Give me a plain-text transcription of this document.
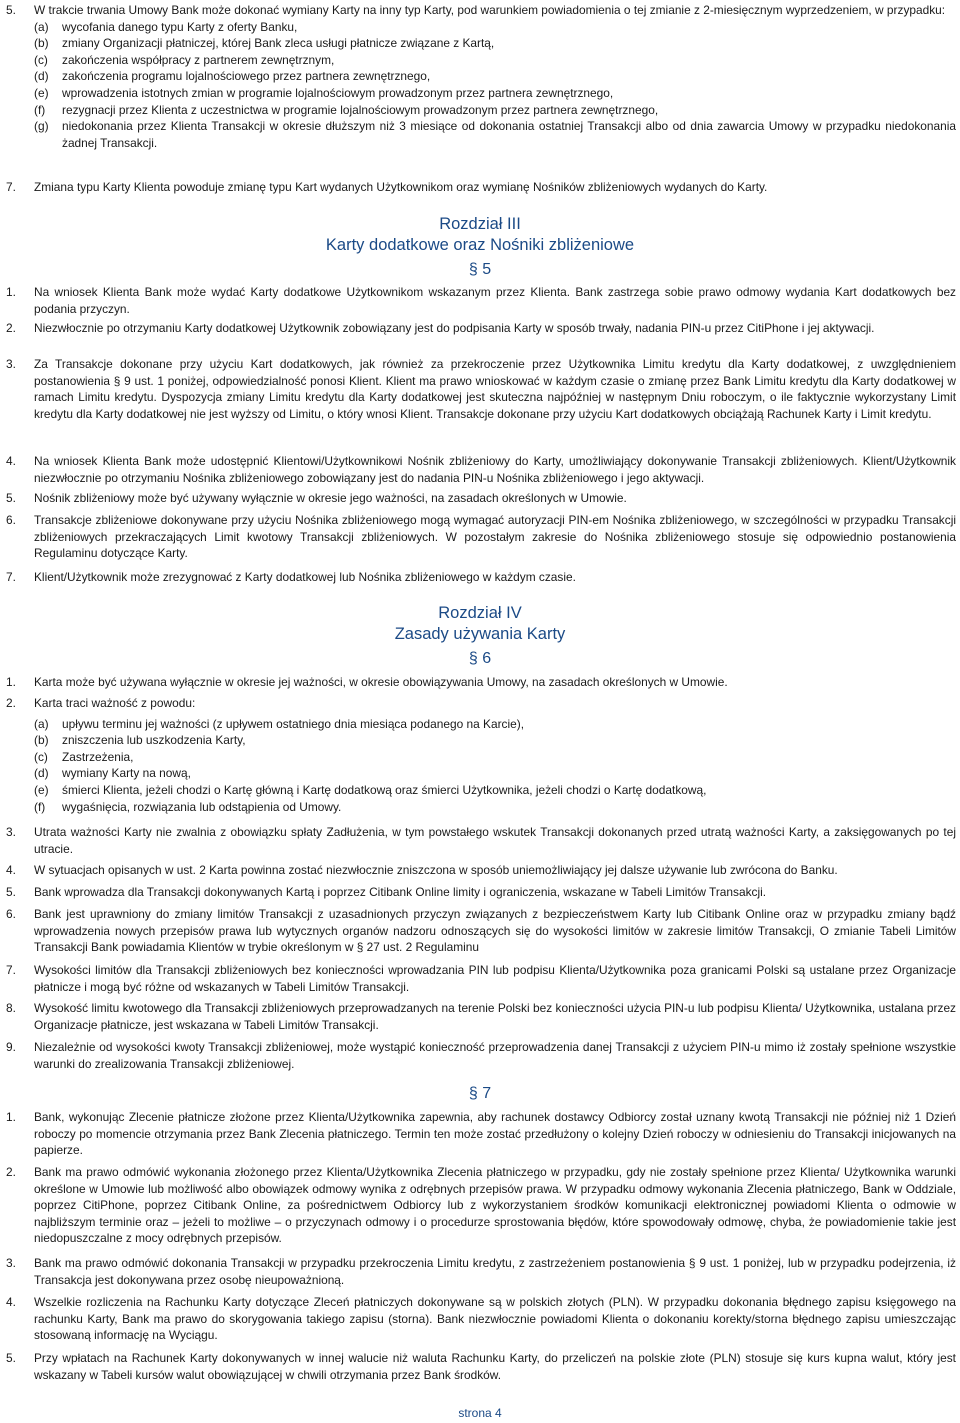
5. W trakcie trwania Umowy Bank może dokonać wymiany Karty na inny typ Karty, pod warunkiem powiadomienia o tej zmianie z 2-miesięcznym wyprzedzeniem, w przypadku:
(a) wycofania danego typu Karty z oferty Banku,
(b) zmiany Organizacji płatniczej, której Bank zleca usługi płatnicze związane z Kartą,
(c) zakończenia współpracy z partnerem zewnętrznym,
(d) zakończenia programu lojalnościowego przez partnera zewnętrznego,
(e) wprowadzenia istotnych zmian w programie lojalnościowym prowadzonym przez partnera zewnętrznego,
(f) rezygnacji przez Klienta z uczestnictwa w programie lojalnościowym prowadzonym przez partnera zewnętrznego,
(g) niedokonania przez Klienta Transakcji w okresie dłuższym niż 3 miesiące od dokonania ostatniej Transakcji albo od dnia zawarcia Umowy w przypadku niedokonania żadnej Transakcji.
7. Zmiana typu Karty Klienta powoduje zmianę typu Kart wydanych Użytkownikom oraz wymianę Nośników zbliżeniowych wydanych do Karty.
Rozdział III
Karty dodatkowe oraz Nośniki zbliżeniowe
§ 5
1. Na wniosek Klienta Bank może wydać Karty dodatkowe Użytkownikom wskazanym przez Klienta. Bank zastrzega sobie prawo odmowy wydania Kart dodatkowych bez podania przyczyn.
2. Niezwłocznie po otrzymaniu Karty dodatkowej Użytkownik zobowiązany jest do podpisania Karty w sposób trwały, nadania PIN-u przez CitiPhone i jej aktywacji.
3. Za Transakcje dokonane przy użyciu Kart dodatkowych, jak również za przekroczenie przez Użytkownika Limitu kredytu dla Karty dodatkowej, z uwzględnieniem postanowienia § 9 ust. 1 poniżej, odpowiedzialność ponosi Klient. Klient ma prawo wnioskować w każdym czasie o zmianę przez Bank Limitu kredytu dla Karty dodatkowej w ramach Limitu kredytu. Dyspozycja zmiany Limitu kredytu dla Karty dodatkowej jest skuteczna najpóźniej w następnym Dniu roboczym, o ile faktycznie wykorzystany Limit kredytu dla Karty dodatkowej nie jest wyższy od Limitu, o który wnosi Klient. Transakcje dokonane przy użyciu Kart dodatkowych obciążają Rachunek Karty i Limit kredytu.
4. Na wniosek Klienta Bank może udostępnić Klientowi/Użytkownikowi Nośnik zbliżeniowy do Karty, umożliwiający dokonywanie Transakcji zbliżeniowych. Klient/Użytkownik niezwłocznie po otrzymaniu Nośnika zbliżeniowego zobowiązany jest do nadania PIN-u Nośnika zbliżeniowego i jego aktywacji.
5. Nośnik zbliżeniowy może być używany wyłącznie w okresie jego ważności, na zasadach określonych w Umowie.
6. Transakcje zbliżeniowe dokonywane przy użyciu Nośnika zbliżeniowego mogą wymagać autoryzacji PIN-em Nośnika zbliżeniowego, w szczególności w przypadku Transakcji zbliżeniowych przekraczających Limit kwotowy Transakcji zbliżeniowych. W pozostałym zakresie do Nośnika zbliżeniowego stosuje się odpowiednio postanowienia Regulaminu dotyczące Karty.
7. Klient/Użytkownik może zrezygnować z Karty dodatkowej lub Nośnika zbliżeniowego w każdym czasie.
Rozdział IV
Zasady używania Karty
§ 6
1. Karta może być używana wyłącznie w okresie jej ważności, w okresie obowiązywania Umowy, na zasadach określonych w Umowie.
2. Karta traci ważność z powodu:
(a) upływu terminu jej ważności (z upływem ostatniego dnia miesiąca podanego na Karcie),
(b) zniszczenia lub uszkodzenia Karty,
(c) Zastrzeżenia,
(d) wymiany Karty na nową,
(e) śmierci Klienta, jeżeli chodzi o Kartę główną i Kartę dodatkową oraz śmierci Użytkownika, jeżeli chodzi o Kartę dodatkową,
(f) wygaśnięcia, rozwiązania lub odstąpienia od Umowy.
3. Utrata ważności Karty nie zwalnia z obowiązku spłaty Zadłużenia, w tym powstałego wskutek Transakcji dokonanych przed utratą ważności Karty, a zaksięgowanych po tej utracie.
4. W sytuacjach opisanych w ust. 2 Karta powinna zostać niezwłocznie zniszczona w sposób uniemożliwiający jej dalsze używanie lub zwrócona do Banku.
5. Bank wprowadza dla Transakcji dokonywanych Kartą i poprzez Citibank Online limity i ograniczenia, wskazane w Tabeli Limitów Transakcji.
6. Bank jest uprawniony do zmiany limitów Transakcji z uzasadnionych przyczyn związanych z bezpieczeństwem Karty lub Citibank Online oraz w przypadku zmiany bądź wprowadzenia nowych przepisów prawa lub wytycznych organów nadzoru odnoszących się do wysokości limitów w zakresie limitów Transakcji, O zmianie Tabeli Limitów Transakcji Bank powiadamia Klientów w trybie określonym w § 27 ust. 2 Regulaminu
7. Wysokości limitów dla Transakcji zbliżeniowych bez konieczności wprowadzania PIN lub podpisu Klienta/Użytkownika poza granicami Polski są ustalane przez Organizacje płatnicze i mogą być różne od wskazanych w Tabeli Limitów Transakcji.
8. Wysokość limitu kwotowego dla Transakcji zbliżeniowych przeprowadzanych na terenie Polski bez konieczności użycia PIN-u lub podpisu Klienta/ Użytkownika, ustalana przez Organizacje płatnicze, jest wskazana w Tabeli Limitów Transakcji.
9. Niezależnie od wysokości kwoty Transakcji zbliżeniowej, może wystąpić konieczność przeprowadzenia danej Transakcji z użyciem PIN-u mimo iż zostały spełnione wszystkie warunki do zrealizowania Transakcji zbliżeniowej.
§ 7
1. Bank, wykonując Zlecenie płatnicze złożone przez Klienta/Użytkownika zapewnia, aby rachunek dostawcy Odbiorcy został uznany kwotą Transakcji nie później niż 1 Dzień roboczy po momencie otrzymania przez Bank Zlecenia płatniczego. Termin ten może zostać przedłużony o kolejny Dzień roboczy w odniesieniu do Transakcji inicjowanych na papierze.
2. Bank ma prawo odmówić wykonania złożonego przez Klienta/Użytkownika Zlecenia płatniczego w przypadku, gdy nie zostały spełnione przez Klienta/ Użytkownika warunki określone w Umowie lub możliwość albo obowiązek odmowy wynika z odrębnych przepisów prawa. W przypadku odmowy wykonania Zlecenia płatniczego, Bank w Oddziale, poprzez CitiPhone, poprzez Citibank Online, za pośrednictwem Odbiorcy lub z wykorzystaniem środków komunikacji elektronicznej powiadomi Klienta o odmowie w najbliższym terminie oraz – jeżeli to możliwe – o przyczynach odmowy i o procedurze sprostowania błędów, które spowodowały odmowę, chyba, że powiadomienie takie jest niedopuszczalne z mocy odrębnych przepisów.
3. Bank ma prawo odmówić dokonania Transakcji w przypadku przekroczenia Limitu kredytu, z zastrzeżeniem postanowienia § 9 ust. 1 poniżej, lub w przypadku podejrzenia, iż Transakcja jest dokonywana przez osobę nieupoważnioną.
4. Wszelkie rozliczenia na Rachunku Karty dotyczące Zleceń płatniczych dokonywane są w polskich złotych (PLN). W przypadku dokonania błędnego zapisu księgowego na rachunku Karty, Bank ma prawo do skorygowania takiego zapisu (storna). Bank niezwłocznie powiadomi Klienta o dokonaniu korekty/storna błędnego zapisu umieszczając stosowaną informację na Wyciągu.
5. Przy wpłatach na Rachunek Karty dokonywanych w innej walucie niż waluta Rachunku Karty, do przeliczeń na polskie złote (PLN) stosuje się kurs kupna walut, który jest wskazany w Tabeli kursów walut obowiązującej w chwili otrzymania przez Bank środków.
strona 4
